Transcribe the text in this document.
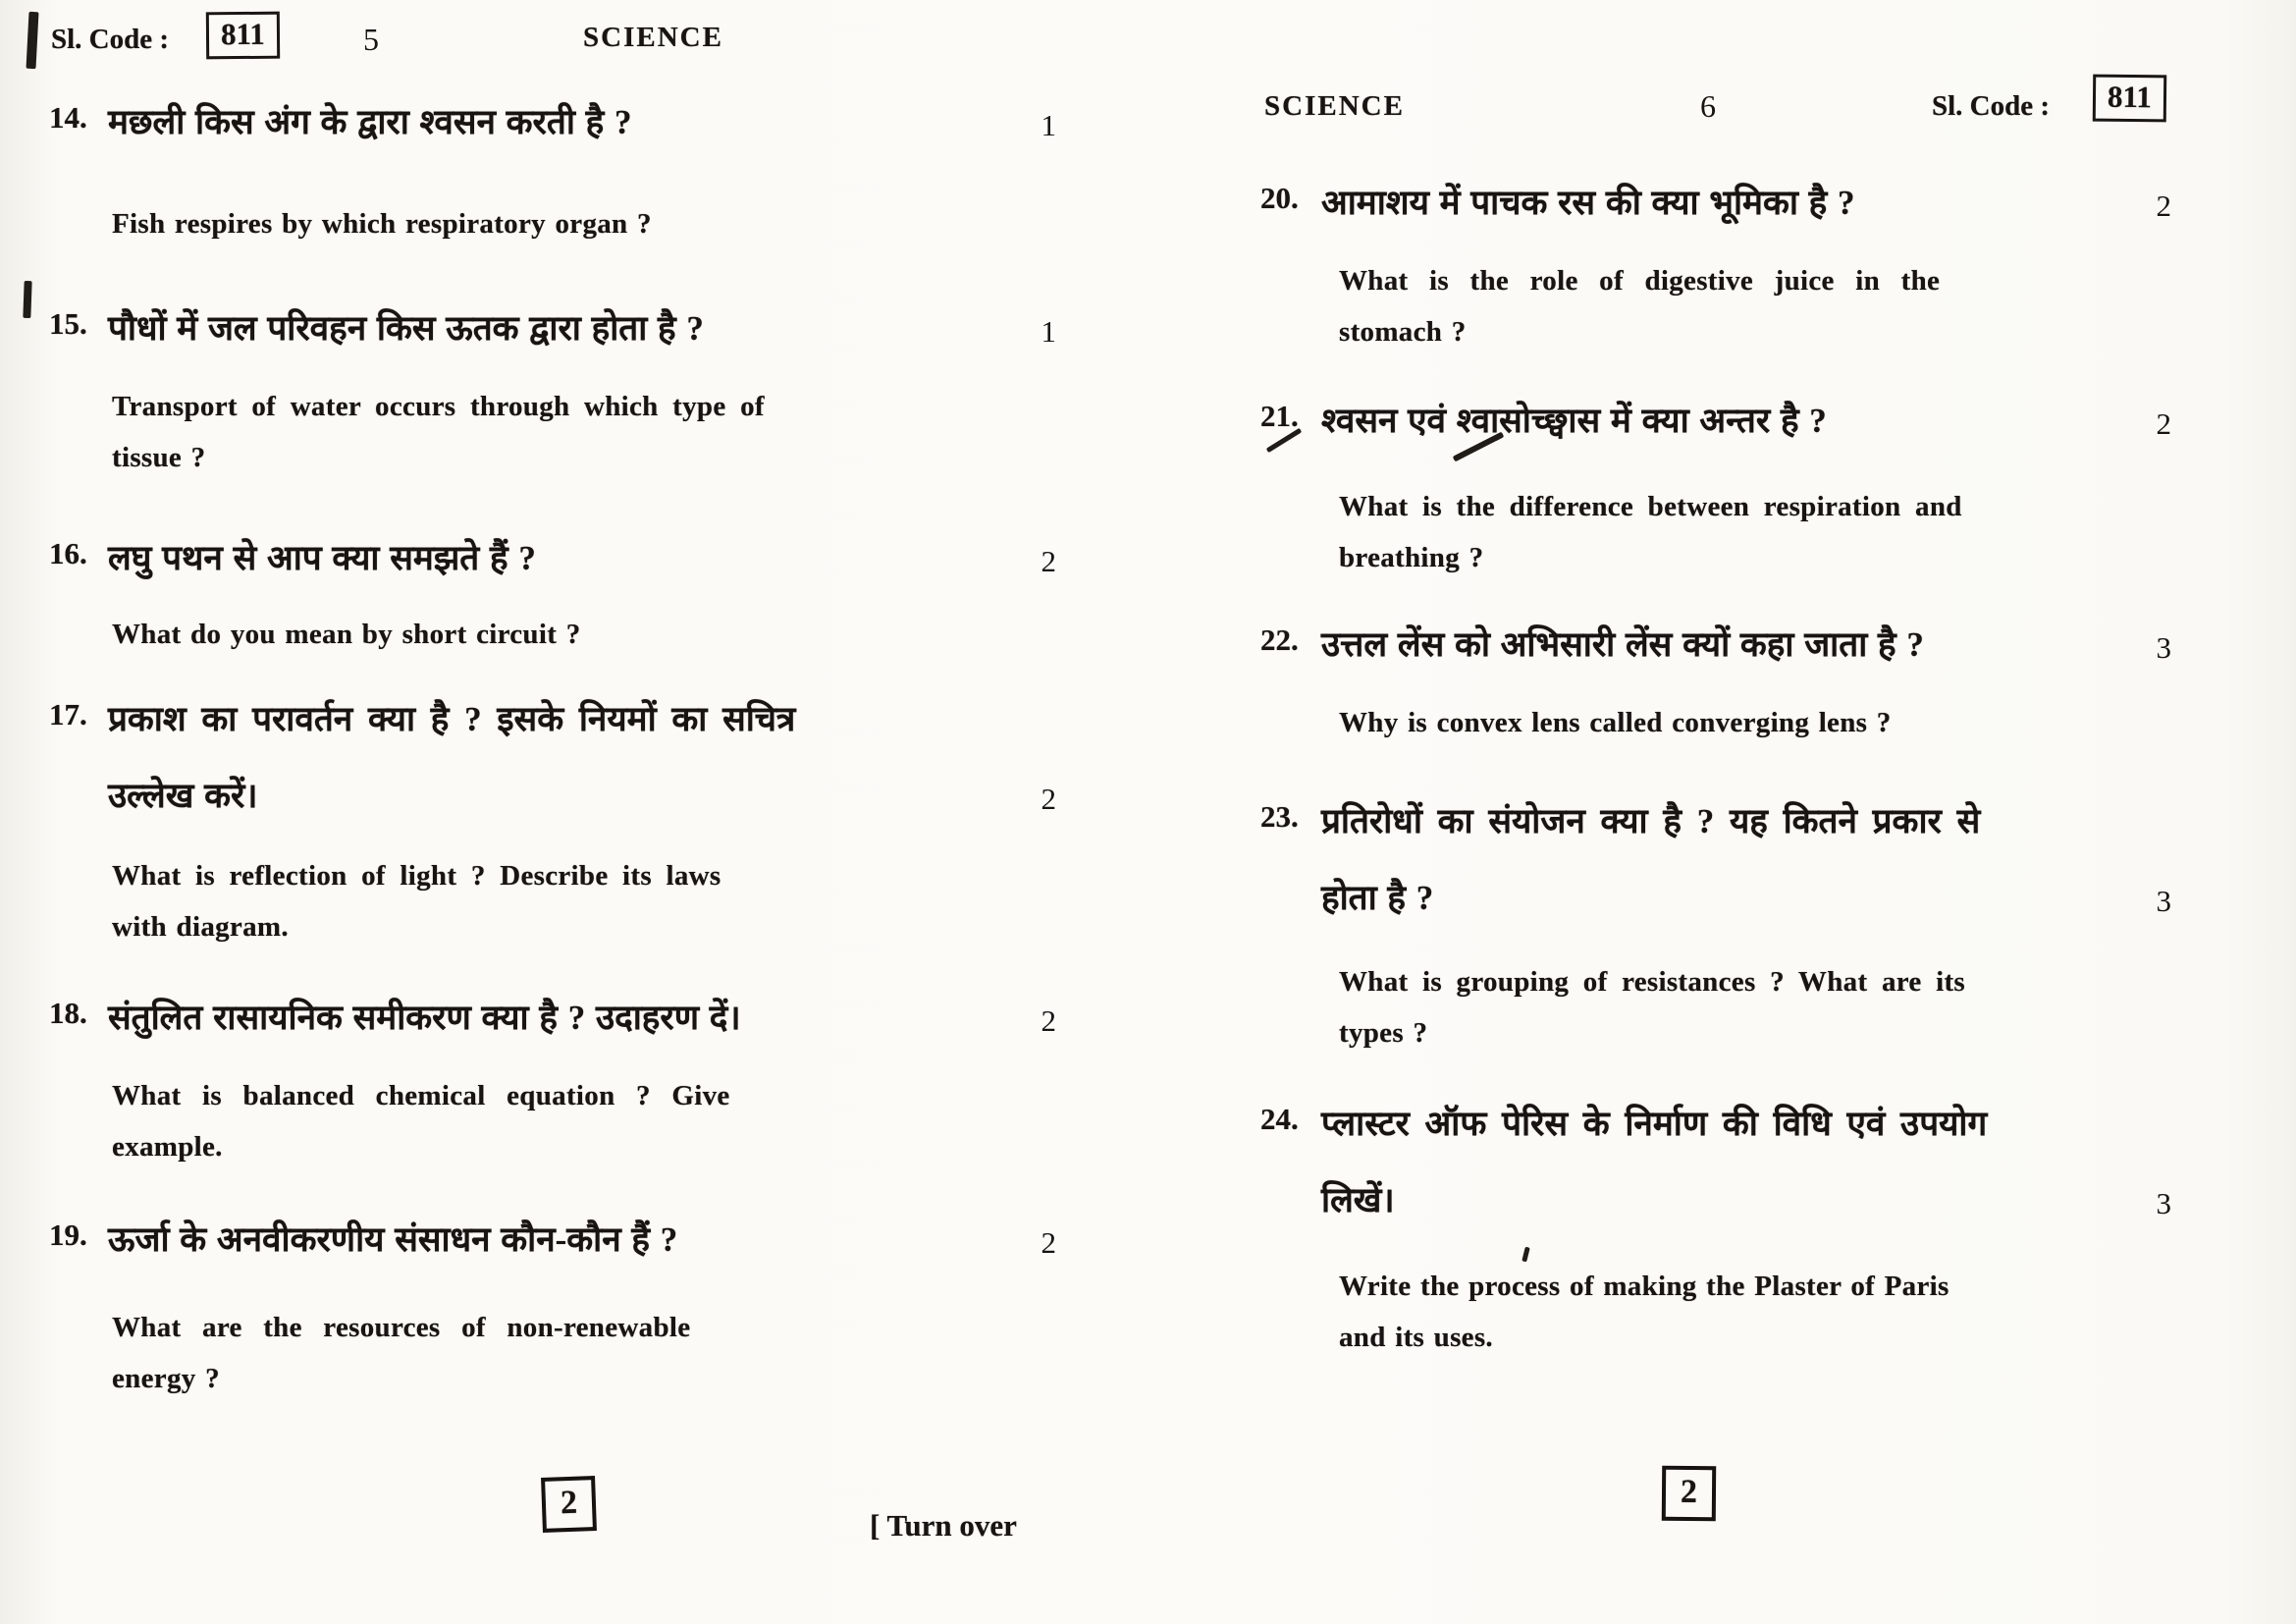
Sl. Code :	811	5	SCIENCE
14. मछली किस अंग के द्वारा श्वसन करती है ?	1
Fish respires by which respiratory organ ?
15. पौधों में जल परिवहन किस ऊतक द्वारा होता है ?	1
Transport of water occurs through which type of
tissue ?
16. लघु पथन से आप क्या समझते हैं ?	2
What do you mean by short circuit ?
17. प्रकाश का परावर्तन क्या है ? इसके नियमों का सचित्र
उल्लेख करें।	2
What is reflection of light ? Describe its laws
with diagram.
18. संतुलित रासायनिक समीकरण क्या है ? उदाहरण दें।	2
What is balanced chemical equation ? Give
example.
19. ऊर्जा के अनवीकरणीय संसाधन कौन-कौन हैं ?	2
What are the resources of non-renewable
energy ?
2
[ Turn over
SCIENCE	6	Sl. Code :	811
20. आमाशय में पाचक रस की क्या भूमिका है ?	2
What is the role of digestive juice in the
stomach ?
21. श्वसन एवं श्वासोच्छ्वास में क्या अन्तर है ?	2
What is the difference between respiration and
breathing ?
22. उत्तल लेंस को अभिसारी लेंस क्यों कहा जाता है ?	3
Why is convex lens called converging lens ?
23. प्रतिरोधों का संयोजन क्या है ? यह कितने प्रकार से
होता है ?	3
What is grouping of resistances ? What are its
types ?
24. प्लास्टर ऑफ पेरिस के निर्माण की विधि एवं उपयोग
लिखें।	3
Write the process of making the Plaster of Paris
and its uses.
2
